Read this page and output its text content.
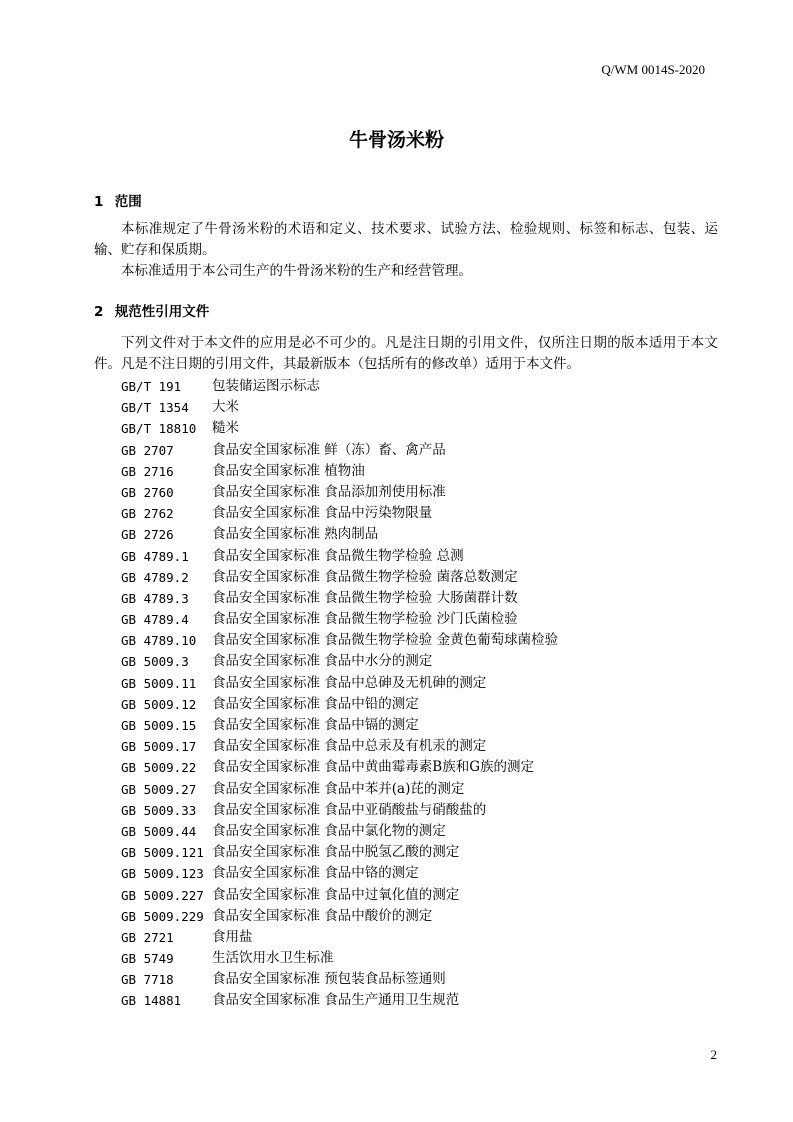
Q/WM 0014S-2020
牛骨汤米粉
1 范围

本标准规定了牛骨汤米粉的术语和定义、技术要求、试验方法、检验规则、标签和标志、包装、运输、贮存和保质期。

本标准适用于本公司生产的牛骨汤米粉的生产和经营管理。

2 规范性引用文件

下列文件对于本文件的应用是必不可少的。凡是注日期的引用文件，仅所注日期的版本适用于本文件。凡是不注日期的引用文件，其最新版本（包括所有的修改单）适用于本文件。

GB/T 191	包装储运图示标志
GB/T 1354	大米
GB/T 18810	糙米
GB 2707	食品安全国家标准 鲜（冻）畜、禽产品
GB 2716	食品安全国家标准 植物油
GB 2760	食品安全国家标准 食品添加剂使用标准
GB 2762	食品安全国家标准 食品中污染物限量
GB 2726	食品安全国家标准 熟肉制品
GB 4789.1	食品安全国家标准 食品微生物学检验 总测
GB 4789.2	食品安全国家标准 食品微生物学检验 菌落总数测定
GB 4789.3	食品安全国家标准 食品微生物学检验 大肠菌群计数
GB 4789.4	食品安全国家标准 食品微生物学检验 沙门氏菌检验
GB 4789.10	食品安全国家标准 食品微生物学检验 金黄色葡萄球菌检验
GB 5009.3	食品安全国家标准 食品中水分的测定
GB 5009.11	食品安全国家标准 食品中总砷及无机砷的测定
GB 5009.12	食品安全国家标准 食品中铅的测定
GB 5009.15	食品安全国家标准 食品中镉的测定
GB 5009.17	食品安全国家标准 食品中总汞及有机汞的测定
GB 5009.22	食品安全国家标准 食品中黄曲霉毒素B族和G族的测定
GB 5009.27	食品安全国家标准 食品中苯并(a)芘的测定
GB 5009.33	食品安全国家标准 食品中亚硝酸盐与硝酸盐的
GB 5009.44	食品安全国家标准 食品中氯化物的测定
GB 5009.121 食品安全国家标准 食品中脱氢乙酸的测定
GB 5009.123 食品安全国家标准 食品中铬的测定
GB 5009.227 食品安全国家标准 食品中过氧化值的测定
GB 5009.229 食品安全国家标准 食品中酸价的测定
GB 2721	食用盐
GB 5749	生活饮用水卫生标准
GB 7718	食品安全国家标准 预包装食品标签通则
GB 14881	食品安全国家标准 食品生产通用卫生规范
2
